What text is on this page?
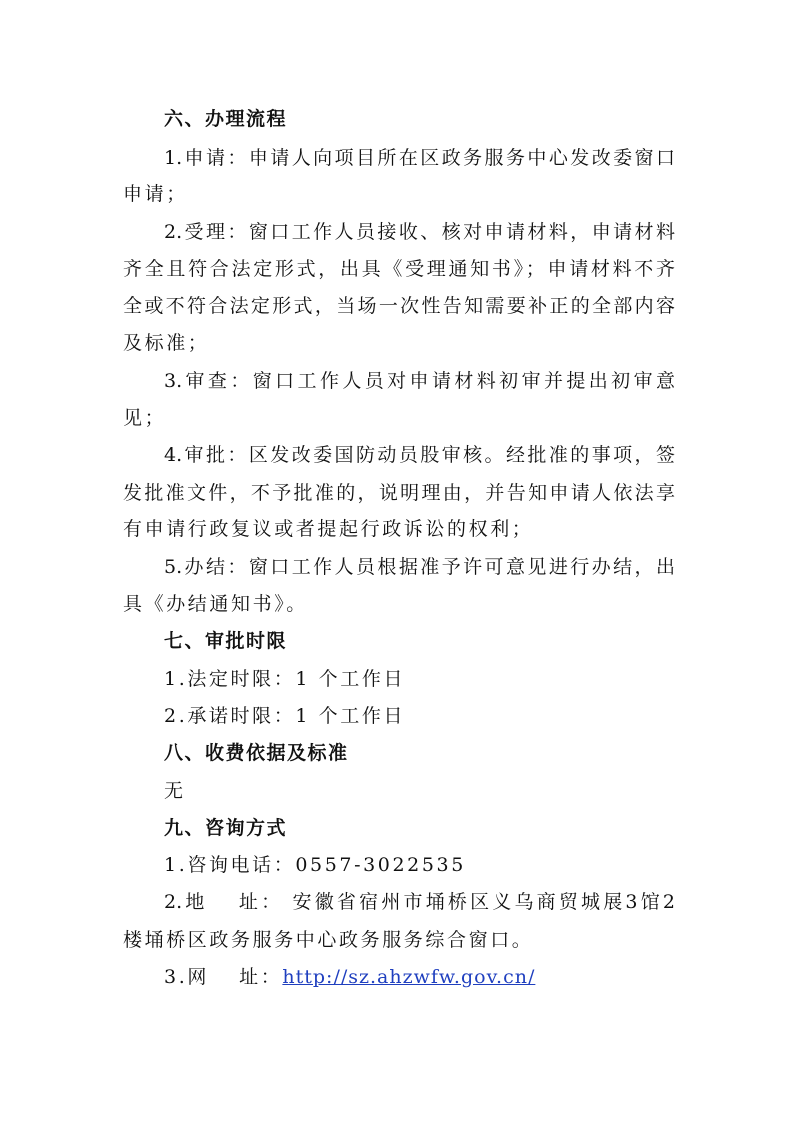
六、办理流程
1.申请：申请人向项目所在区政务服务中心发改委窗口
申请；
2.受理：窗口工作人员接收、核对申请材料，申请材料
齐全且符合法定形式，出具《受理通知书》；申请材料不齐
全或不符合法定形式，当场一次性告知需要补正的全部内容
及标准；
3.审查：窗口工作人员对申请材料初审并提出初审意
见；
4.审批：区发改委国防动员股审核。经批准的事项，签
发批准文件，不予批准的，说明理由，并告知申请人依法享
有申请行政复议或者提起行政诉讼的权利；
5.办结：窗口工作人员根据准予许可意见进行办结，出
具《办结通知书》。
七、审批时限
1.法定时限：1 个工作日
2.承诺时限：1 个工作日
八、收费依据及标准
无
九、咨询方式
1.咨询电话：0557-3022535
2.地　 址： 安徽省宿州市埇桥区义乌商贸城展3馆2
楼埇桥区政务服务中心政务服务综合窗口。
3.网　 址：http://sz.ahzwfw.gov.cn/
